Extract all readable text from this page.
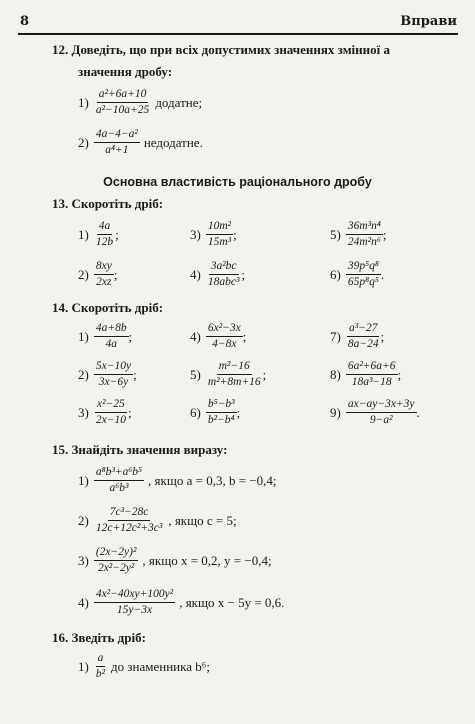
8	Вправи
12. Доведіть, що при всіх допустимих значеннях змінної a
значення дробу:
$1) \frac{\text{a²+6a+10}}{\text{a²−10a+25}}$ додатне;
$2) \frac{\text{4a−4−a²}}{\text{a⁴+1}}$ недодатне.
Основна властивість раціонального дробу
13. Скоротіть дріб:
$1) \frac{4a}{12b}$ ;	$3) \frac{\text{10m²}}{\text{15m³}}$ ;	$5) \frac{\text{36m³n⁴}}{\text{24m²n⁶}}$ ;
$2) \frac{8xy}{2xz}$ ;	$4) \frac{\text{3a²bc}}{\text{18abc³}}$ ;	$6) \frac{\text{39p⁵q⁸}}{\text{65p⁸q⁵}}$ .
14. Скоротіть дріб:
$1) \frac{4a+8b}{4a}$ ;	$4) \frac{\text{6x²−3x}}{4-8x}$ ;	$7) \frac{\text{a³−27}}{8a-24}$ ;
$2) \frac{5x-10y}{3x-6y}$ ;	$5) \frac{\text{m²−16}}{\text{m²+8m+16}}$ ;	$8) \frac{\text{6a²+6a+6}}{\text{18a³−18}}$ ;
$3) \frac{\text{x²−25}}{2x-10}$ ;	$6) \frac{\text{b⁵−b³}}{\text{b²−b⁴}}$ ;	$9) \frac{ax-ay-3x+3y}{\text{9−a²}}$ .
15. Знайдіть значення виразу:
$1) \frac{\text{a⁸b³+a⁶b⁵}}{\text{a⁶b³}}$ , якщо a = 0,3, b = −0,4;
$2) \frac{\text{7c³−28c}}{\text{12c+12c²+3c³}}$ , якщо c = 5;
$3) \frac{\text{(2x−2y)²}}{\text{2x²−2y²}}$ , якщо x = 0,2, y = −0,4;
$4) \frac{\text{4x²−40xy+100y²}}{15y-3x}$ , якщо x − 5y = 0,6.
16. Зведіть дріб:
$1) \frac{a}{\text{b²}}$ до знаменника b⁶;
